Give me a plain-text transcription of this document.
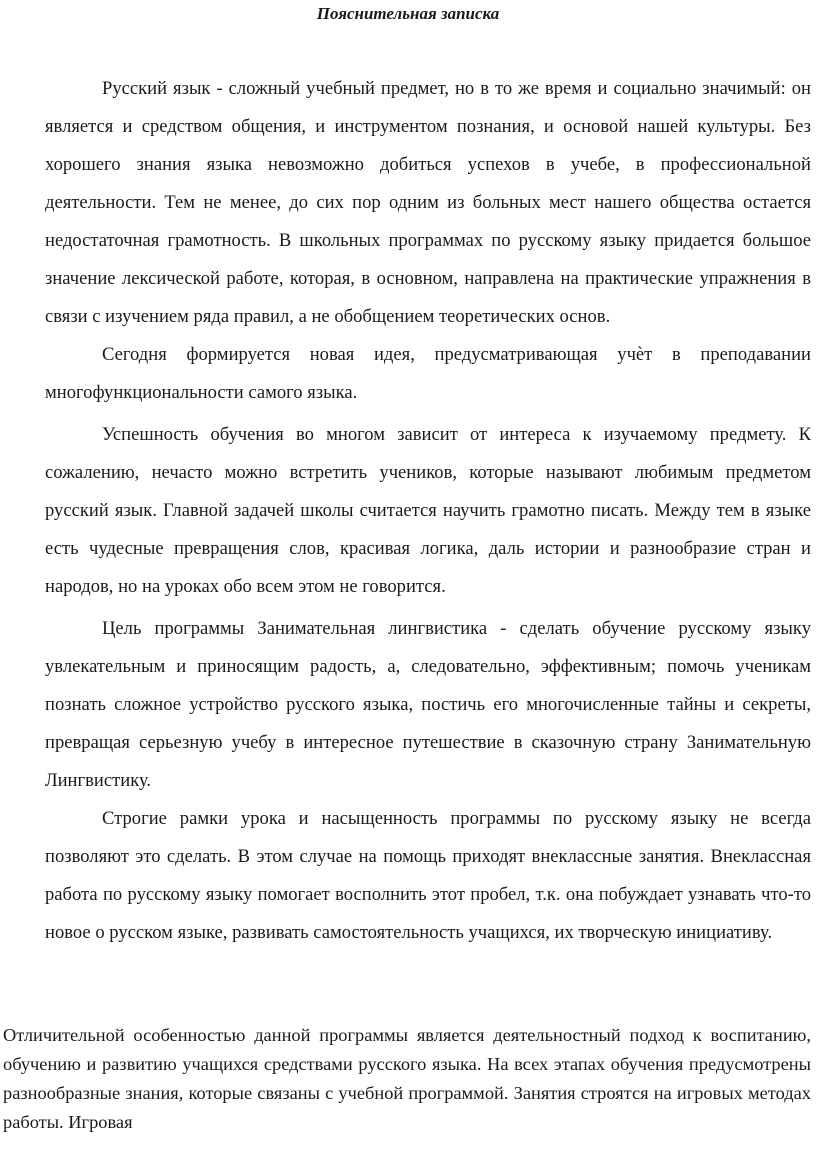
Пояснительная записка

Русский язык - сложный учебный предмет, но в то же время и социально значимый: он является и средством общения, и инструментом познания, и основой нашей культуры. Без хорошего знания языка невозможно добиться успехов в учебе, в профессиональной деятельности. Тем не менее, до сих пор одним из больных мест нашего общества остается недостаточная грамотность. В школьных программах по русскому языку придается большое значение лексической работе, которая, в основном, направлена на практические упражнения в связи с изучением ряда правил, а не обобщением теоретических основ.

Сегодня формируется новая идея, предусматривающая учѐт в преподавании многофункциональности самого языка.

Успешность обучения во многом зависит от интереса к изучаемому предмету. К сожалению, нечасто можно встретить учеников, которые называют любимым предметом русский язык. Главной задачей школы считается научить грамотно писать. Между тем в языке есть чудесные превращения слов, красивая логика, даль истории и разнообразие стран и народов, но на уроках обо всем этом не говорится.

Цель программы Занимательная лингвистика - сделать обучение русскому языку увлекательным и приносящим радость, а, следовательно, эффективным; помочь ученикам познать сложное устройство русского языка, постичь его многочисленные тайны и секреты, превращая серьезную учебу в интересное путешествие в сказочную страну Занимательную Лингвистику.

Строгие рамки урока и насыщенность программы по русскому языку не всегда позволяют это сделать. В этом случае на помощь приходят внеклассные занятия. Внеклассная работа по русскому языку помогает восполнить этот пробел, т.к. она побуждает узнавать что-то новое о русском языке, развивать самостоятельность учащихся, их творческую инициативу.

Отличительной особенностью данной программы является деятельностный подход к воспитанию, обучению и развитию учащихся средствами русского языка. На всех этапах обучения предусмотрены разнообразные знания, которые связаны с учебной программой. Занятия строятся на игровых методах работы. Игровая
